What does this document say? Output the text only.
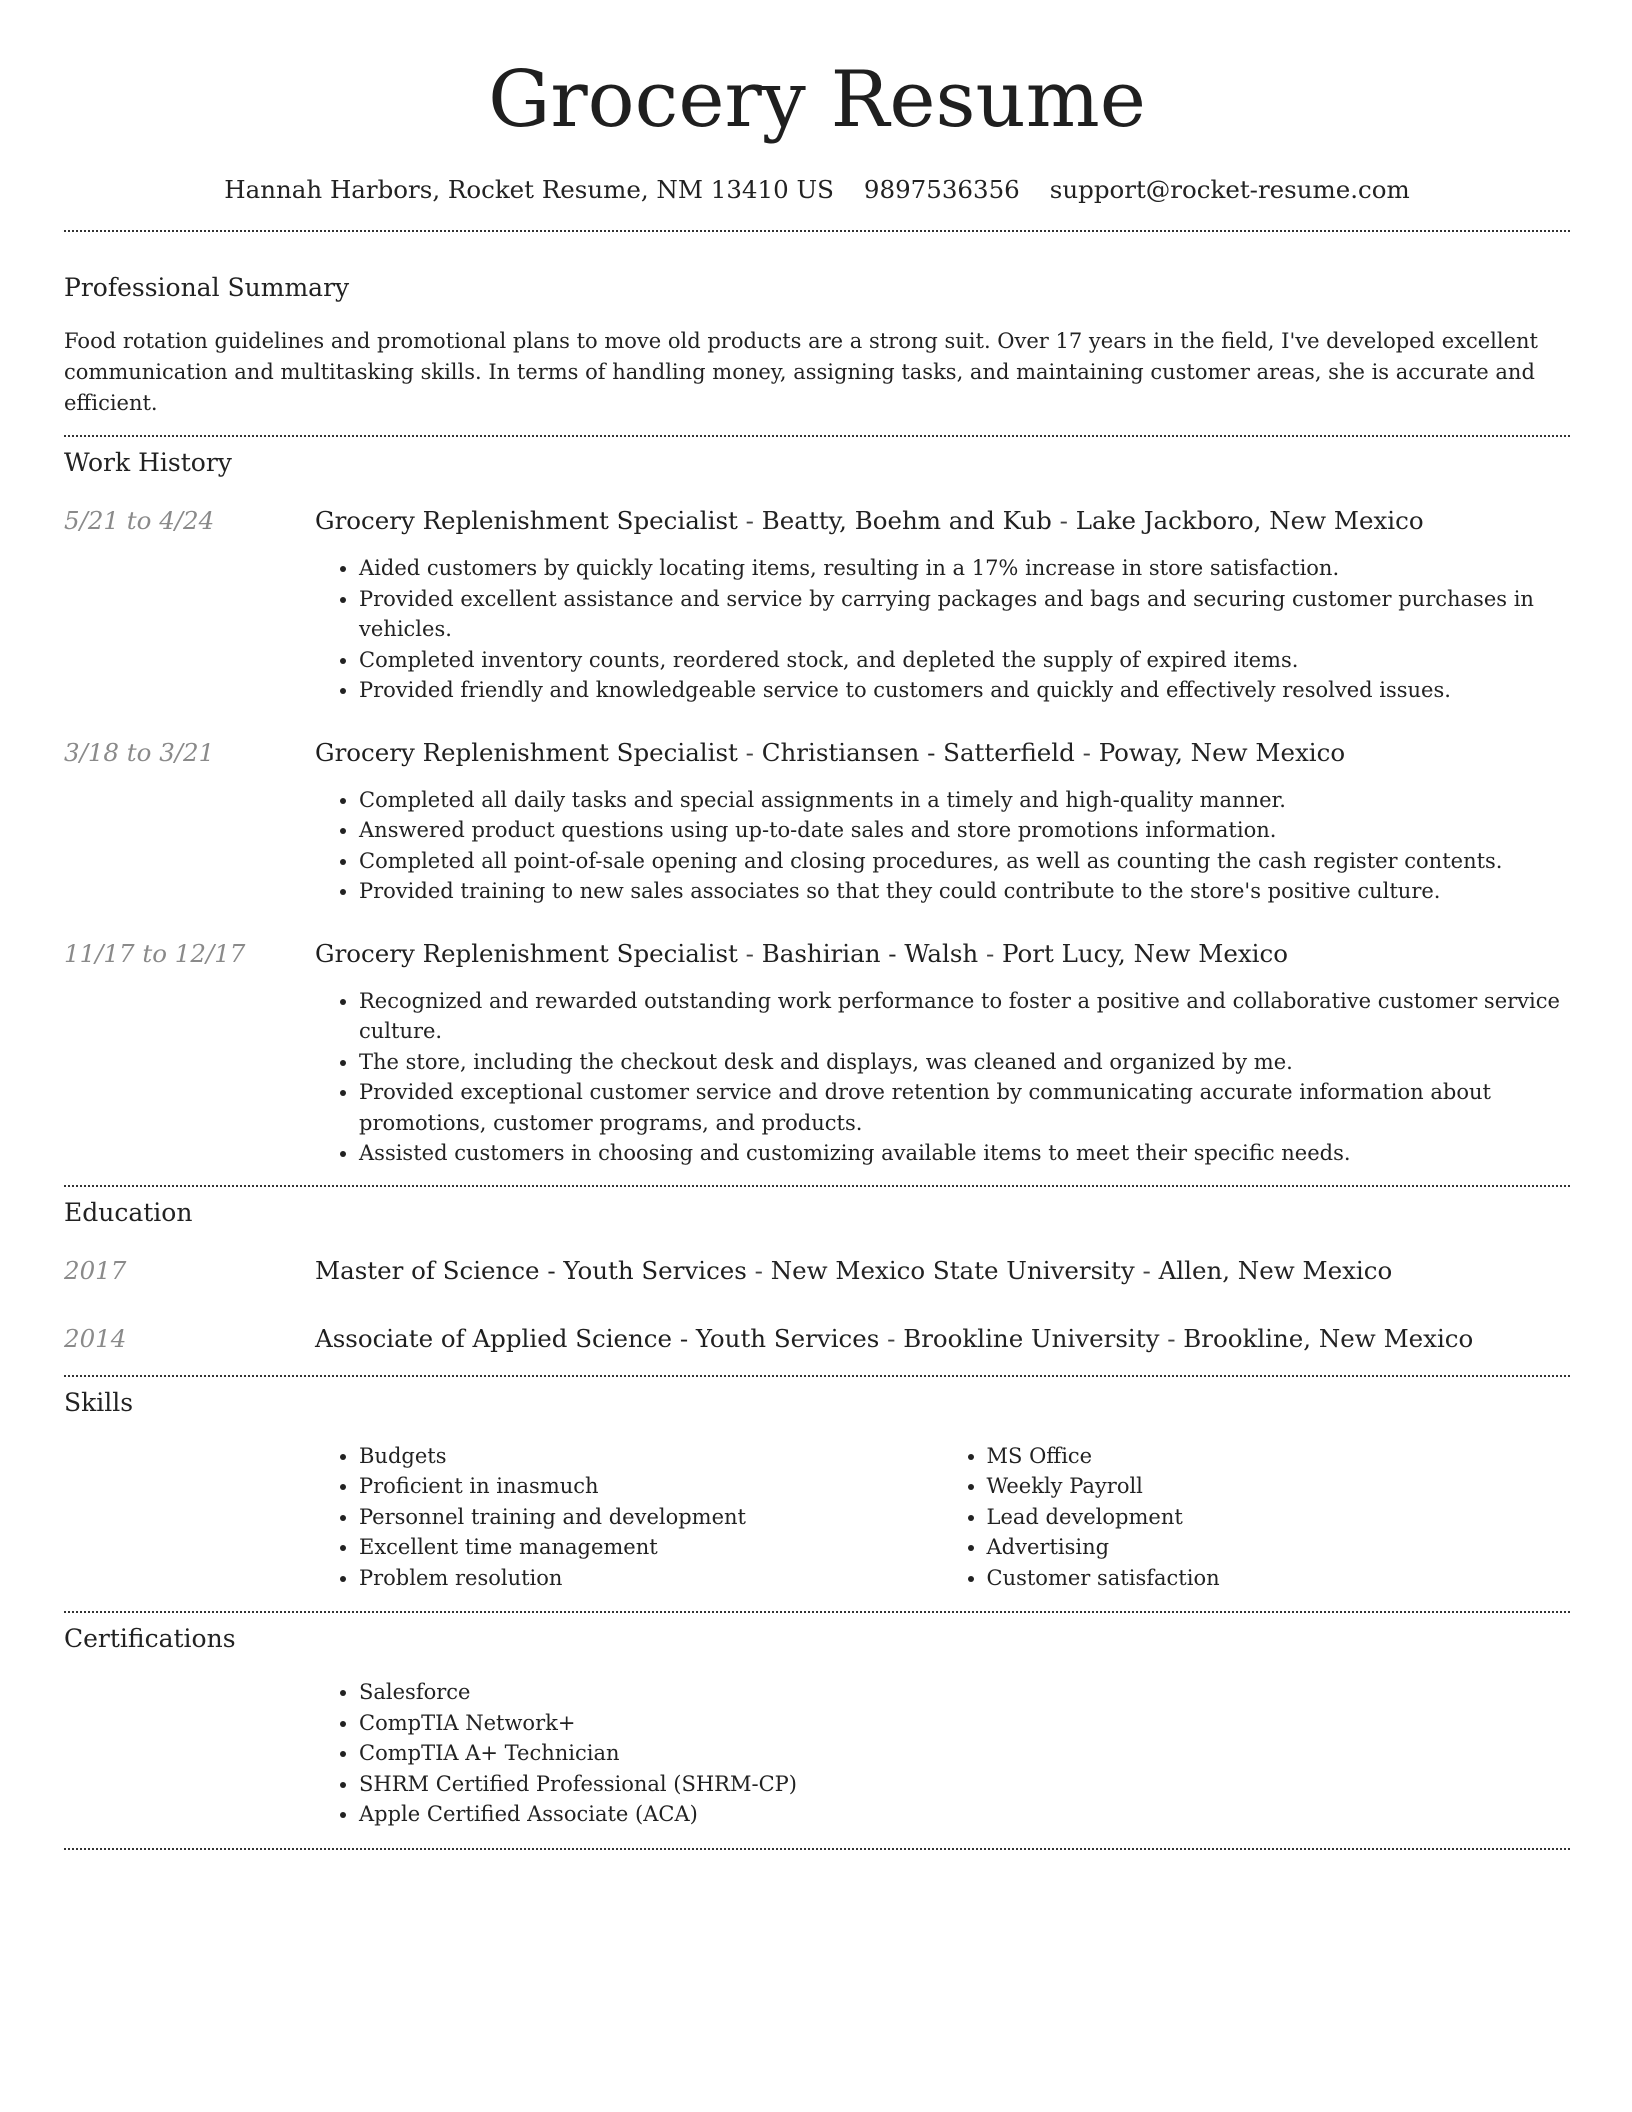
Grocery Resume
Hannah Harbors, Rocket Resume, NM 13410 US 9897536356 support@rocket-resume.com
Professional Summary

Food rotation guidelines and promotional plans to move old products are a strong suit. Over 17 years in the field, I've developed excellent communication and multitasking skills. In terms of handling money, assigning tasks, and maintaining customer areas, she is accurate and efficient.

Work History
5/21 to 4/24	Grocery Replenishment Specialist - Beatty, Boehm and Kub - Lake Jackboro, New Mexico
• Aided customers by quickly locating items, resulting in a 17% increase in store satisfaction.
• Provided excellent assistance and service by carrying packages and bags and securing customer purchases in vehicles.
• Completed inventory counts, reordered stock, and depleted the supply of expired items.
• Provided friendly and knowledgeable service to customers and quickly and effectively resolved issues.
3/18 to 3/21	Grocery Replenishment Specialist - Christiansen - Satterfield - Poway, New Mexico
• Completed all daily tasks and special assignments in a timely and high-quality manner.
• Answered product questions using up-to-date sales and store promotions information.
• Completed all point-of-sale opening and closing procedures, as well as counting the cash register contents.
• Provided training to new sales associates so that they could contribute to the store's positive culture.
11/17 to 12/17	Grocery Replenishment Specialist - Bashirian - Walsh - Port Lucy, New Mexico
• Recognized and rewarded outstanding work performance to foster a positive and collaborative customer service culture.
• The store, including the checkout desk and displays, was cleaned and organized by me.
• Provided exceptional customer service and drove retention by communicating accurate information about promotions, customer programs, and products.
• Assisted customers in choosing and customizing available items to meet their specific needs.
Education
2017	Master of Science - Youth Services - New Mexico State University - Allen, New Mexico
2014	Associate of Applied Science - Youth Services - Brookline University - Brookline, New Mexico
Skills
• Budgets
• Proficient in inasmuch
• Personnel training and development
• Excellent time management
• Problem resolution
• MS Office
• Weekly Payroll
• Lead development
• Advertising
• Customer satisfaction
Certifications
• Salesforce
• CompTIA Network+
• CompTIA A+ Technician
• SHRM Certified Professional (SHRM-CP)
• Apple Certified Associate (ACA)
